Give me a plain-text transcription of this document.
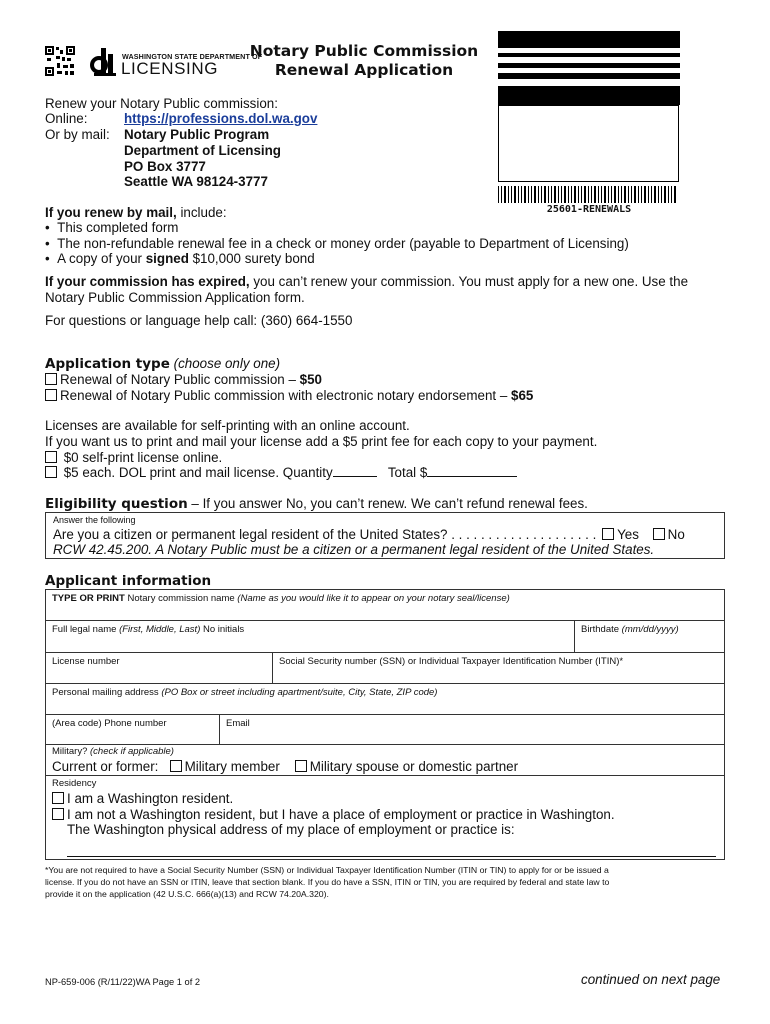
WASHINGTON STATE DEPARTMENT OF
LICENSING
Notary Public Commission
Renewal Application
25601-RENEWALS
Renew your Notary Public commission:
Online:	https://professions.dol.wa.gov
Or by mail: Notary Public Program
Department of Licensing
PO Box 3777
Seattle WA 98124-3777
If you renew by mail, include:
•  This completed form
•  The non-refundable renewal fee in a check or money order (payable to Department of Licensing)
•  A copy of your signed $10,000 surety bond
If your commission has expired, you can’t renew your commission. You must apply for a new one. Use the
Notary Public Commission Application form.
For questions or language help call: (360) 664-1550
Application type (choose only one)
Renewal of Notary Public commission – $50
Renewal of Notary Public commission with electronic notary endorsement – $65
Licenses are available for self-printing with an online account.
If you want us to print and mail your license add a $5 print fee for each copy to your payment.
$0 self-print license online.
$5 each. DOL print and mail license. Quantity	Total $
Eligibility question – If you answer No, you can’t renew. We can’t refund renewal fees.
Answer the following
Are you a citizen or permanent legal resident of the United States? . . . . . . . . . . . . . . . . . . . . Yes No
RCW 42.45.200. A Notary Public must be a citizen or a permanent legal resident of the United States.
Applicant information
TYPE OR PRINT Notary commission name (Name as you would like it to appear on your notary seal/license)
Full legal name (First, Middle, Last) No initials	Birthdate (mm/dd/yyyy)
License number	Social Security number (SSN) or Individual Taxpayer Identification Number (ITIN)*
Personal mailing address (PO Box or street including apartment/suite, City, State, ZIP code)
(Area code) Phone number	Email
Military? (check if applicable)
Current or former: Military member Military spouse or domestic partner
Residency
I am a Washington resident.
I am not a Washington resident, but I have a place of employment or practice in Washington.
The Washington physical address of my place of employment or practice is:
*You are not required to have a Social Security Number (SSN) or Individual Taxpayer Identification Number (ITIN or TIN) to apply for or be issued a
license. If you do not have an SSN or ITIN, leave that section blank. If you do have a SSN, ITIN or TIN, you are required by federal and state law to
provide it on the application (42 U.S.C. 666(a)(13) and RCW 74.20A.320).
NP-659-006 (R/11/22)WA Page 1 of 2	continued on next page
